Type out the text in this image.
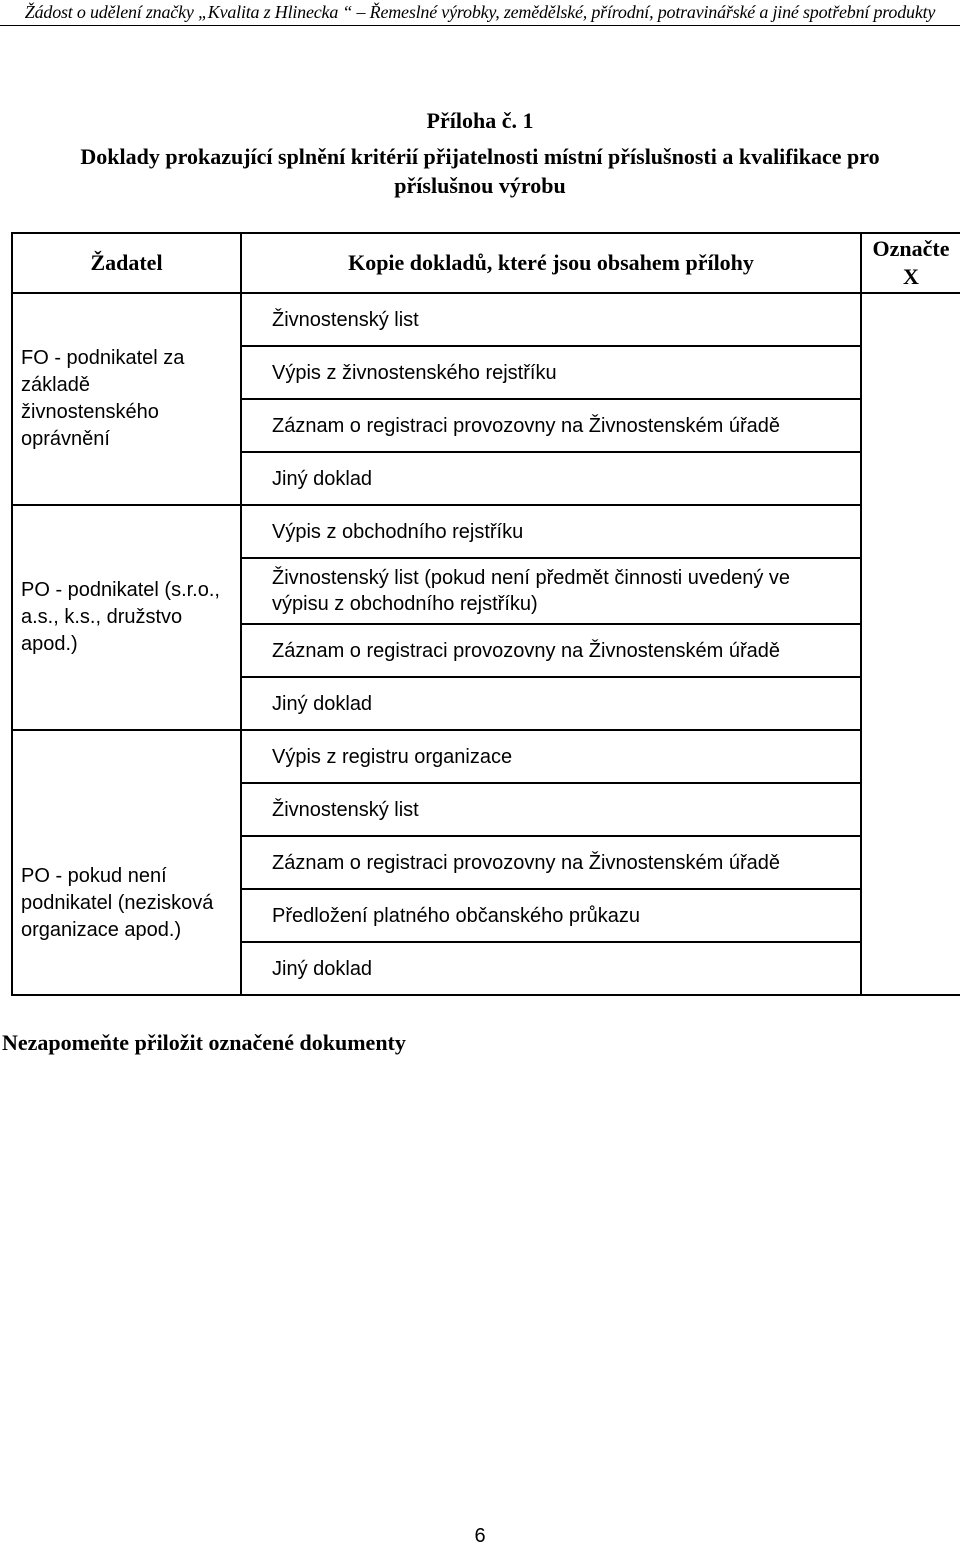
Žádost o udělení značky „Kvalita z Hlinecka “ – Řemeslné výrobky, zemědělské, přírodní, potravinářské a jiné spotřební produkty
Příloha č. 1
Doklady prokazující splnění kritérií přijatelnosti místní příslušnosti a kvalifikace pro příslušnou výrobu
Žadatel	Kopie dokladů, které jsou obsahem přílohy	Označte
X
FO - podnikatel za základě živnostenského oprávnění	Živnostenský list	
	Výpis z živnostenského rejstříku	
	Záznam o registraci provozovny na Živnostenském úřadě	
	Jiný doklad	
PO - podnikatel (s.r.o., a.s., k.s., družstvo apod.)	Výpis z obchodního rejstříku	
	Živnostenský list (pokud není předmět činnosti uvedený ve výpisu z obchodního rejstříku)	
	Záznam o registraci provozovny na Živnostenském úřadě	
	Jiný doklad	
PO - pokud není podnikatel (nezisková organizace apod.)	Výpis z registru organizace	
	Živnostenský list	
	Záznam o registraci provozovny na Živnostenském úřadě	
	Předložení platného občanského průkazu	
	Jiný doklad	
Nezapomeňte přiložit označené dokumenty
6
